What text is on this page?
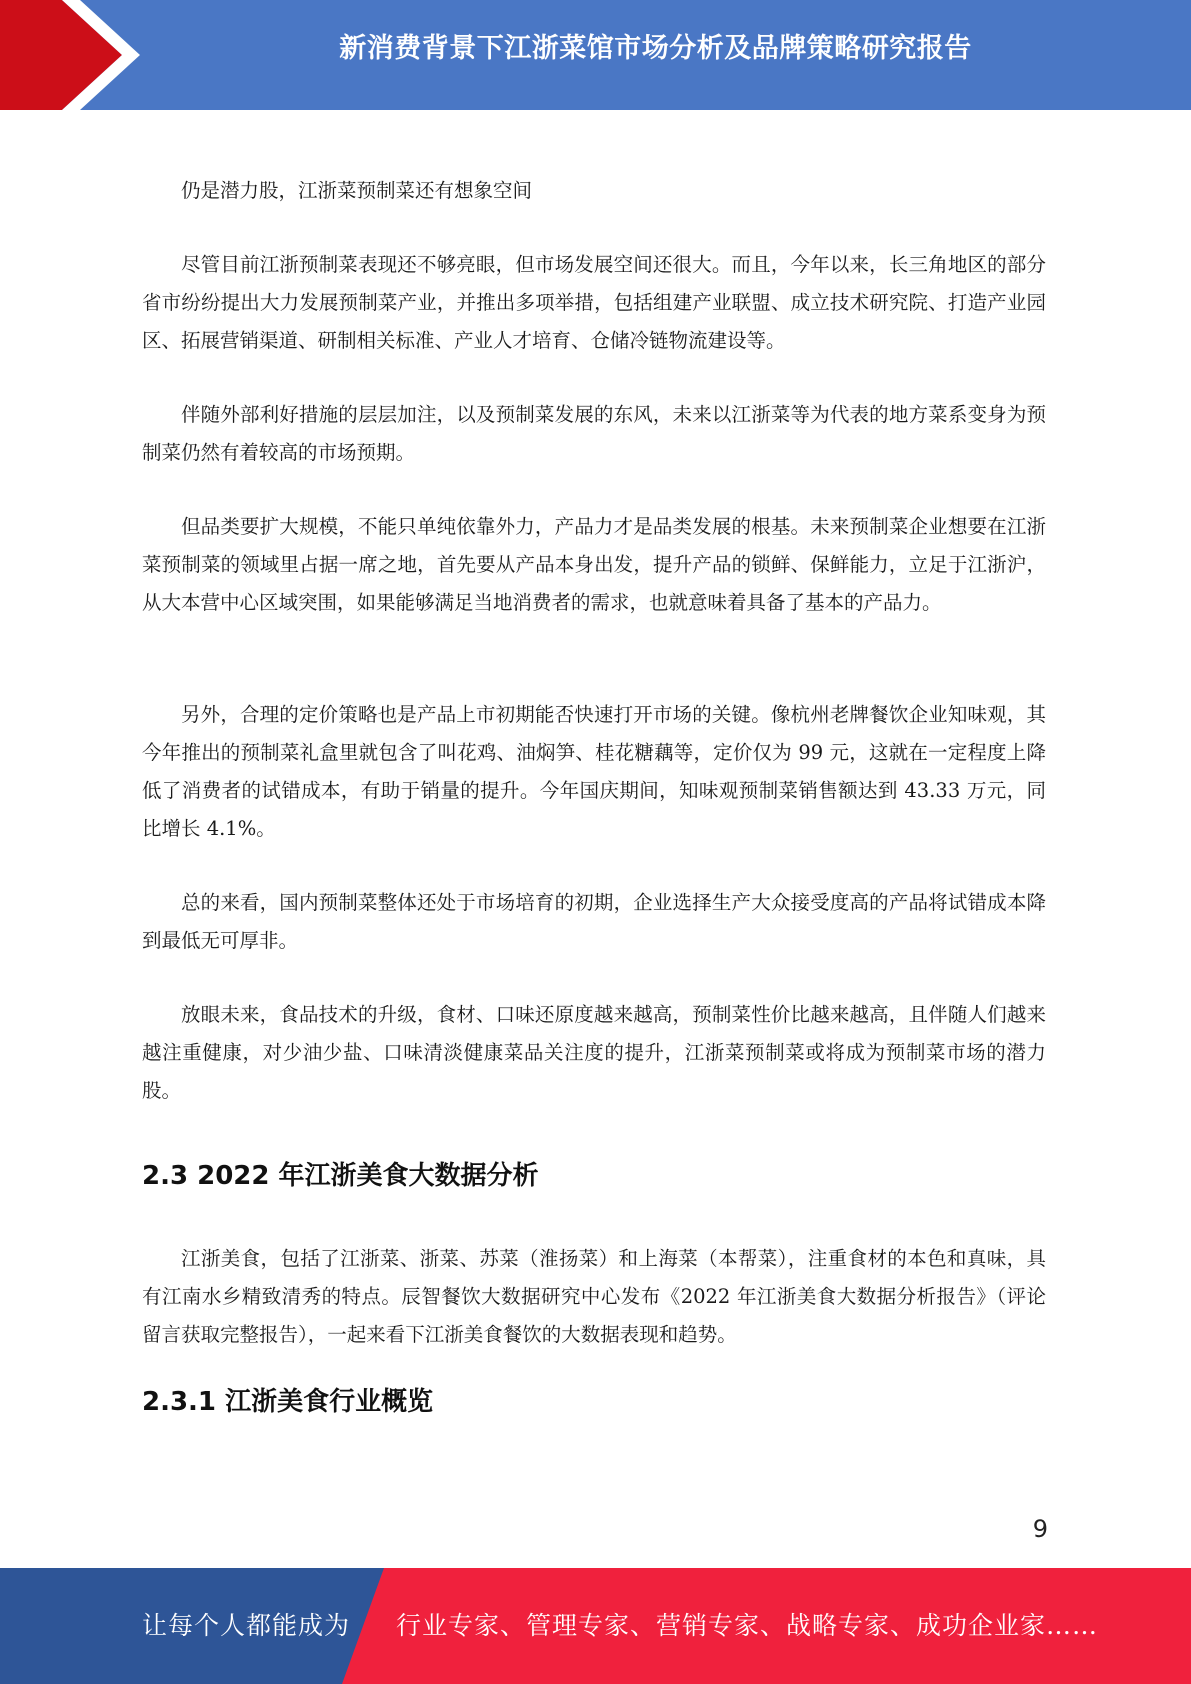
新消费背景下江浙菜馆市场分析及品牌策略研究报告

仍是潜力股，江浙菜预制菜还有想象空间

尽管目前江浙预制菜表现还不够亮眼，但市场发展空间还很大。而且，今年以来，长三角地区的部分省市纷纷提出大力发展预制菜产业，并推出多项举措，包括组建产业联盟、成立技术研究院、打造产业园区、拓展营销渠道、研制相关标准、产业人才培育、仓储冷链物流建设等。

伴随外部利好措施的层层加注，以及预制菜发展的东风，未来以江浙菜等为代表的地方菜系变身为预制菜仍然有着较高的市场预期。

但品类要扩大规模，不能只单纯依靠外力，产品力才是品类发展的根基。未来预制菜企业想要在江浙菜预制菜的领域里占据一席之地，首先要从产品本身出发，提升产品的锁鲜、保鲜能力，立足于江浙沪，从大本营中心区域突围，如果能够满足当地消费者的需求，也就意味着具备了基本的产品力。

另外，合理的定价策略也是产品上市初期能否快速打开市场的关键。像杭州老牌餐饮企业知味观，其今年推出的预制菜礼盒里就包含了叫花鸡、油焖笋、桂花糖藕等，定价仅为 99 元，这就在一定程度上降低了消费者的试错成本，有助于销量的提升。今年国庆期间，知味观预制菜销售额达到 43.33 万元，同比增长 4.1%。

总的来看，国内预制菜整体还处于市场培育的初期，企业选择生产大众接受度高的产品将试错成本降到最低无可厚非。

放眼未来，食品技术的升级，食材、口味还原度越来越高，预制菜性价比越来越高，且伴随人们越来越注重健康，对少油少盐、口味清淡健康菜品关注度的提升，江浙菜预制菜或将成为预制菜市场的潜力股。

2.3 2022 年江浙美食大数据分析

江浙美食，包括了江浙菜、浙菜、苏菜（淮扬菜）和上海菜（本帮菜），注重食材的本色和真味，具有江南水乡精致清秀的特点。辰智餐饮大数据研究中心发布《2022 年江浙美食大数据分析报告》（评论留言获取完整报告），一起来看下江浙美食餐饮的大数据表现和趋势。

2.3.1 江浙美食行业概览
9
让每个人都能成为 行业专家、管理专家、营销专家、战略专家、成功企业家……
